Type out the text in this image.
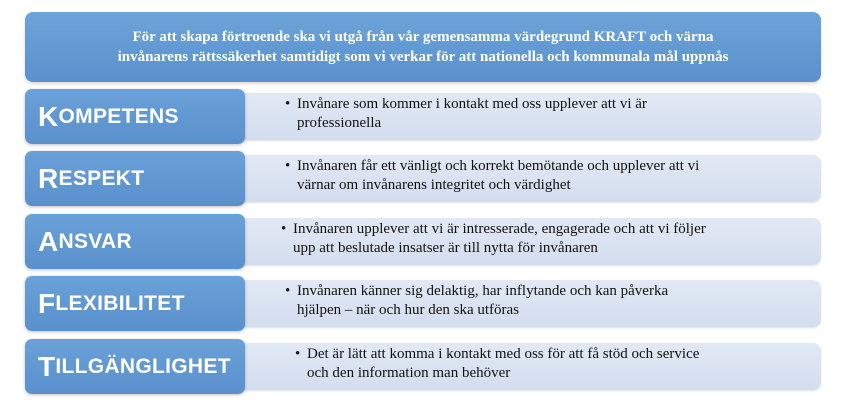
För att skapa förtroende ska vi utgå från vår gemensamma värdegrund KRAFT och värna
invånarens rättssäkerhet samtidigt som vi verkar för att nationella och kommunala mål uppnås
K OMPETENS
• Invånare som kommer i kontakt med oss upplever att vi är
professionella
R ESPEKT
• Invånaren får ett vänligt och korrekt bemötande och upplever att vi
värnar om invånarens integritet och värdighet
A NSVAR
• Invånaren upplever att vi är intresserade, engagerade och att vi följer
upp att beslutade insatser är till nytta för invånaren
F LEXIBILITET
• Invånaren känner sig delaktig, har inflytande och kan påverka
hjälpen – när och hur den ska utföras
T ILLGÄNGLIGHET
• Det är lätt att komma i kontakt med oss för att få stöd och service
och den information man behöver
